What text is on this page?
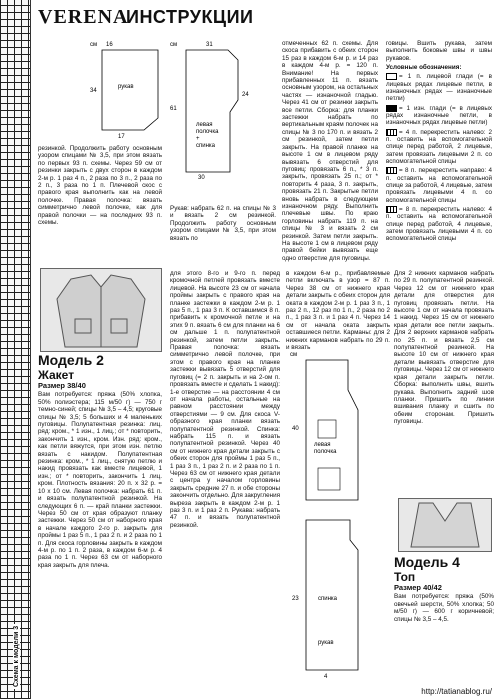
Схема к модели 3
VERENA
ИНСТРУКЦИИ
см 16
рукав
34
17
см	31
левая
полочка
+
спинка
61
24
30

резинкой. Продолжить работу основным узором спицами № 3,5, при этом вязать по первых 93 п. схемы. Через 59 см от резинки закрыть с двух сторон в каждом 2-м р. 1 раз 4 п., 2 раза по 3 п., 2 раза по 2 п., 3 раза по 1 п. Плечевой скос с правого края выполнить как на левой полочке. Правая полочка: вязать симметрично левой полочке, как для правой полочки — на последних 93 п. схемы.

Рукав: набрать 62 п. на спицы № 3 и вязать 2 см резинкой. Продолжить работу основным узором спицами № 3,5, при этом вязать по

отмеченных 62 п. схемы. Для скоса прибавить с обеих сторон 15 раз в каждом 6-м р. и 14 раз в каждом 4-м р. = 120 п. Внимание! На первых прибавленных 11 п. вязать основным узором, на остальных частях — изнаночной гладью. Через 41 см от резинки закрыть все петли. Сборка: для планки застежки набрать по вертикальным краям полочек на спицы № 3 по 170 п. и вязать 2 см резинкой, затем петли закрыть. На правой планке на высоте 1 см в лицевом ряду вывязать 6 отверстий для пуговиц: провязать 6 п., * 3 п. закрыть, провязать 25 п.; от * повторить 4 раза, 3 п. закрыть, провязать 21 п. Закрытые петли вновь набрать в следующем изнаночном ряду. Выполнить плечевые швы. По краю горловины набрать 119 п. на спицы № 3 и вязать 2 см резинкой. Затем петли закрыть. На высоте 1 см в лицевом ряду правой бейки вывязать еще одно отверстие для пуговицы.

говицы. Вшить рукава, затем выполнить боковые швы и швы рукавов.

Условные обозначения:

= 1 п. лицевой глади (= в лицевых рядах лицевые петли, в изнаночных рядах — изнаночные петли)

= 1 изн. глади (= в лицевых рядах изнаночные петли, в изнаночных рядах лицевые петли)

= 4 п. перекрестить налево: 2 п. оставить на вспомогательной спице перед работой, 2 лицевые, затем провязать лицевыми 2 п. со вспомогательной спицы

= 8 п. перекрестить направо: 4 п. оставить на вспомогательной спице за работой, 4 лицевые, затем провязать лицевыми 4 п. со вспомогательной спицы

= 8 п. перекрестить налево: 4 п. оставить на вспомогательной спице перед работой, 4 лицевые, затем провязать лицевыми 4 п. со вспомогательной спицы

Модель 2
Жакет

Размер 38/40

Вам потребуется: пряжа (50% хлопка, 50% полиэстера; 115 м/50 г) — 750 г темно-синей; спицы № 3,5 – 4,5; круговые спицы № 3,5; 5 больших и 4 маленьких пуговицы. Полупатентная резинка: лиц. ряд: кром., * 1 изн., 1 лиц.; от * повторить, закончить 1 изн., кром. Изн. ряд: кром., как петли вяжутся, при этом изн. петлю вязать с накидом. Полупатентная резинка: кром., * 1 лиц., снятую петлю и накид провязать как вместе лицевой, 1 изн.; от * повторить, закончить 1 лиц. кром. Плотность вязания: 20 п. х 32 р. = 10 х 10 см. Левая полочка: набрать 61 п. и вязать полупатентной резинкой. На следующих 6 п. — край планки застежки. Через 50 см от края образуют планку застежки. Через 50 см от наборного края в начале каждого 2-го р. закрыть для проймы 1 раз 5 п., 1 раз 2 п. и 2 раза по 1 п. Для скоса горловины закрыть в каждом 4-м р. по 1 п. 2 раза, в каждом 6-м р. 4 раза по 1 п. Через 63 см от наборного края закрыть для плеча.

для этого 8-го и 9-го п. перед кромочной петлей провязать вместе лицевой. На высоте 23 см от начала проймы закрыть с правого края на планке застежки в каждом 2-м р. 1 раз 5 п., 1 раз 3 п. К оставшимся 8 п. прибавить к кромочной петле и на этих 9 п. вязать 6 см для планки на 6 см дальше 1 п. полупатентной резинкой, затем петли закрыть. Правая полочка: вязать симметрично левой полочке, при этом с правого края на планке застежки вывязать 5 отверстий для пуговиц (= 2 п. закрыть и на 2-ом п. провязать вместе и сделать 1 накид): 1-е отверстие — на расстоянии 4 см от начала работы, остальные на равном расстоянии между отверстиями — 9 см. Для скоса V-образного края планки вязать полупатентной резинкой. Спинка: набрать 115 п. и вязать полупатентной резинкой. Через 40 см от нижнего края детали закрыть с обеих сторон для проймы 1 раз 5 п., 1 раз 3 п., 1 раз 2 п. и 2 раза по 1 п. Через 63 см от нижнего края детали с центра у началом горловины закрыть средние 27 п. и обе стороны закончить отдельно. Для закругления выреза закрыть в каждом 2-м р. 1 раз 3 п. и 1 раз 2 п. Рукава: набрать 47 п. и вязать полупатентной резинкой.

в каждом 6-м р., прибавляемые петли включать в узор = 87 п. Через 38 см от нижнего края детали закрыть с обеих сторон для оката в каждом 2-м р. 1 раз 3 п., 1 раз 2 п., 12 раз по 1 п., 2 раза по 2 п., 1 раз 3 п. и 1 раз 4 п. Через 14 см от начала оката закрыть оставшиеся петли. Карманы: для 2 нижних карманов набрать по 29 п. и вязать

см
левая
полочка
40
спинка
рукав
23
4

Для 2 нижних карманов набрать по 29 п. полупатентной резинкой. Через 12 см от нижнего края детали для отверстия для пуговиц провязать петли. На высоте 1 см от начала провязать 1 накид. Через 15 см от нижнего края детали все петли закрыть. Для 2 верхних карманов набрать по 25 п. и вязать 2,5 см полупатентной резинкой. На высоте 10 см от нижнего края детали вывязать отверстие для пуговицы. Через 12 см от нижнего края детали закрыть петли. Сборка: выполнить швы, вшить рукава. Выполнить задний шов планки. Пришить по линии вшивания планку и сшить по обеим сторонам. Пришить пуговицы.

Модель 4
Топ

Размер 40/42

Вам потребуется: пряжа (50% овечьей шерсти, 50% хлопка; 50 м/50 г) — 600 г коричневой; спицы № 3,5 – 4,5.

http://tatianablog.ru/
